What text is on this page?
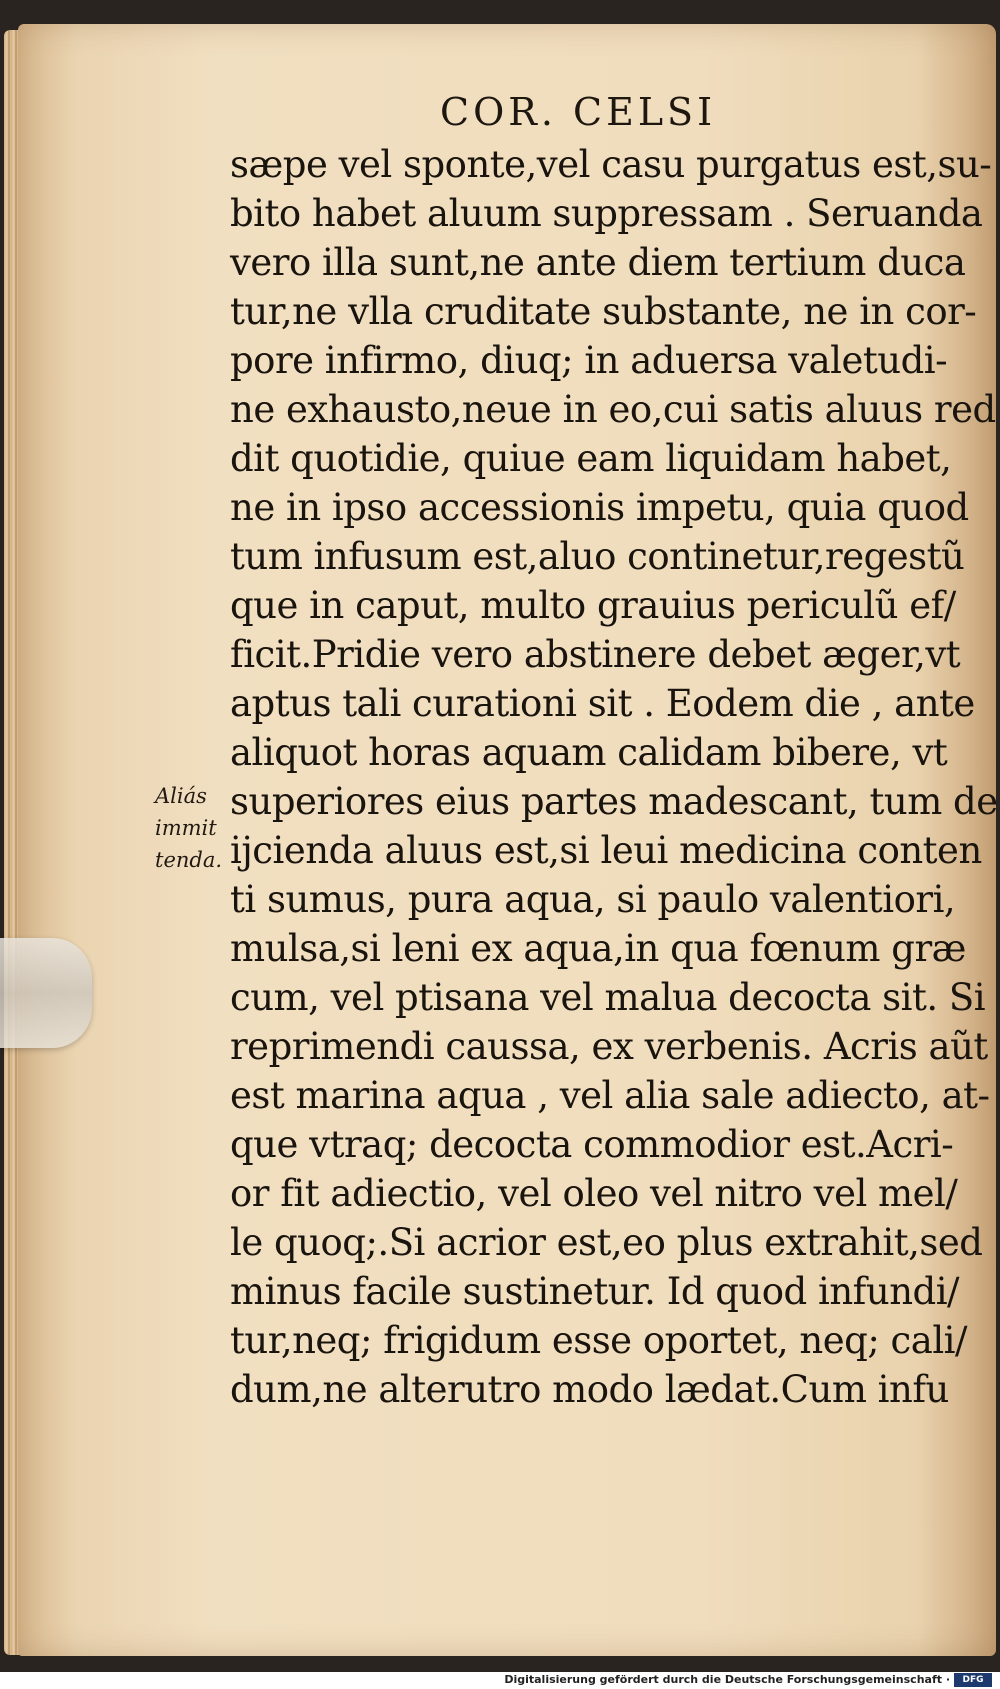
COR. CELSI
sæpe vel sponte,vel casu purgatus est,su-
bito habet aluum suppressam . Seruanda
vero illa sunt,ne ante diem tertium duca
tur,ne vlla cruditate substante, ne in cor-
pore infirmo, diuq; in aduersa valetudi-
ne exhausto,neue in eo,cui satis aluus red
dit quotidie, quiue eam liquidam habet,
ne in ipso accessionis impetu, quia quod
tum infusum est,aluo continetur,regestũ
que in caput, multo grauius periculũ ef/
ficit.Pridie vero abstinere debet æger,vt
aptus tali curationi sit . Eodem die , ante
aliquot horas aquam calidam bibere, vt
superiores eius partes madescant, tum de
ijcienda aluus est,si leui medicina conten
ti sumus, pura aqua, si paulo valentiori,
mulsa,si leni ex aqua,in qua fœnum græ
cum, vel ptisana vel malua decocta sit. Si
reprimendi caussa, ex verbenis. Acris aũt
est marina aqua , vel alia sale adiecto, at-
que vtraq; decocta commodior est.Acri-
or fit adiectio, vel oleo vel nitro vel mel/
le quoq;.Si acrior est,eo plus extrahit,sed
minus facile sustinetur. Id quod infundi/
tur,neq; frigidum esse oportet, neq; cali/
dum,ne alterutro modo lædat.Cum infu
Aliás
immit
tenda.
Digitalisierung gefördert durch die Deutsche Forschungsgemeinschaft ·	DFG
